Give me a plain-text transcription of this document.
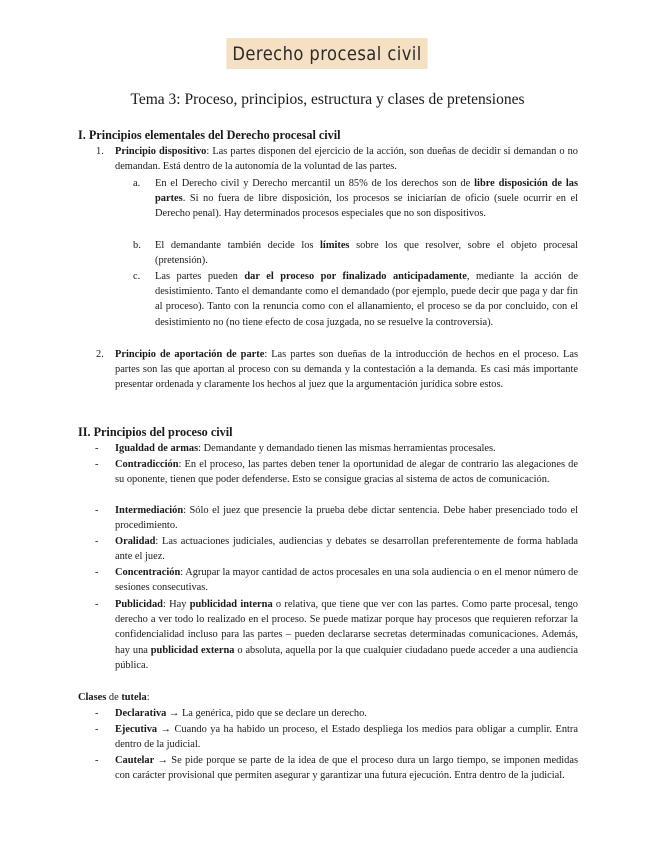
Derecho procesal civil
Tema 3: Proceso, principios, estructura y clases de pretensiones
I. Principios elementales del Derecho procesal civil
1. Principio dispositivo: Las partes disponen del ejercicio de la acción, son dueñas de decidir si demandan o no demandan. Está dentro de la autonomía de la voluntad de las partes.
a. En el Derecho civil y Derecho mercantil un 85% de los derechos son de libre disposición de las partes. Si no fuera de libre disposición, los procesos se iniciarían de oficio (suele ocurrir en el Derecho penal). Hay determinados procesos especiales que no son dispositivos.
b. El demandante también decide los límites sobre los que resolver, sobre el objeto procesal (pretensión).
c. Las partes pueden dar el proceso por finalizado anticipadamente, mediante la acción de desistimiento. Tanto el demandante como el demandado (por ejemplo, puede decir que paga y dar fin al proceso). Tanto con la renuncia como con el allanamiento, el proceso se da por concluido, con el desistimiento no (no tiene efecto de cosa juzgada, no se resuelve la controversia).
2. Principio de aportación de parte: Las partes son dueñas de la introducción de hechos en el proceso. Las partes son las que aportan al proceso con su demanda y la contestación a la demanda. Es casi más importante presentar ordenada y claramente los hechos al juez que la argumentación jurídica sobre estos.
II. Principios del proceso civil
- Igualdad de armas: Demandante y demandado tienen las mismas herramientas procesales.
- Contradicción: En el proceso, las partes deben tener la oportunidad de alegar de contrario las alegaciones de su oponente, tienen que poder defenderse. Esto se consigue gracias al sistema de actos de comunicación.
- Intermediación: Sólo el juez que presencie la prueba debe dictar sentencia. Debe haber presenciado todo el procedimiento.
- Oralidad: Las actuaciones judiciales, audiencias y debates se desarrollan preferentemente de forma hablada ante el juez.
- Concentración: Agrupar la mayor cantidad de actos procesales en una sola audiencia o en el menor número de sesiones consecutivas.
- Publicidad: Hay publicidad interna o relativa, que tiene que ver con las partes. Como parte procesal, tengo derecho a ver todo lo realizado en el proceso. Se puede matizar porque hay procesos que requieren reforzar la confidencialidad incluso para las partes – pueden declararse secretas determinadas comunicaciones. Además, hay una publicidad externa o absoluta, aquella por la que cualquier ciudadano puede acceder a una audiencia pública.
Clases de tutela:
- Declarativa → La genérica, pido que se declare un derecho.
- Ejecutiva → Cuando ya ha habido un proceso, el Estado despliega los medios para obligar a cumplir. Entra dentro de la judicial.
- Cautelar → Se pide porque se parte de la idea de que el proceso dura un largo tiempo, se imponen medidas con carácter provisional que permiten asegurar y garantizar una futura ejecución. Entra dentro de la judicial.
